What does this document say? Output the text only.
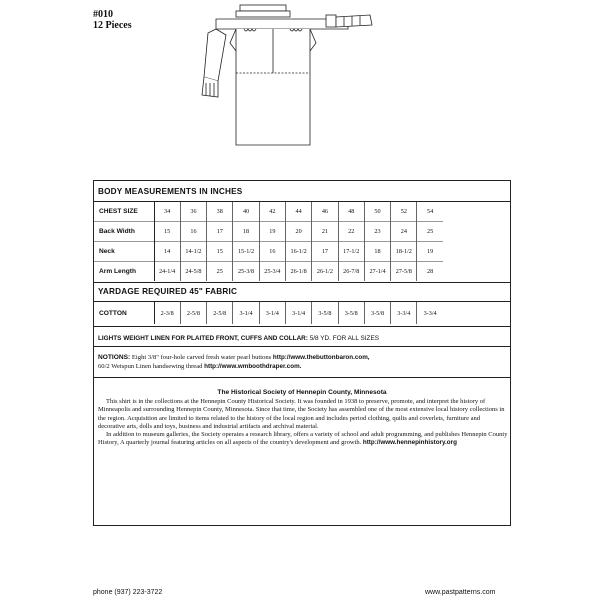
#010
12 Pieces
BODY MEASUREMENTS IN INCHES
CHEST SIZE	34	36	38	40	42	44	46	48	50	52	54
Back Width	15	16	17	18	19	20	21	22	23	24	25
Neck	14	14-1/2	15	15-1/2	16	16-1/2	17	17-1/2	18	18-1/2	19
Arm Length	24-1/4	24-5/8	25	25-3/8	25-3/4	26-1/8	26-1/2	26-7/8	27-1/4	27-5/8	28
YARDAGE REQUIRED 45" FABRIC
COTTON	2-3/8	2-5/8	2-5/8	3-1/4	3-1/4	3-1/4	3-5/8	3-5/8	3-5/8	3-3/4	3-3/4
LIGHTS WEIGHT LINEN FOR PLAITED FRONT, CUFFS AND COLLAR: 5/8 YD. FOR ALL SIZES
NOTIONS: Eight 3/8" four-hole carved fresh water pearl buttons http://www.thebuttonbaron.com,
60/2 Wetspun Linen handsewing thread http://www.wmboothdraper.com.
The Historical Society of Hennepin County, Minnesota

This shirt is in the collections at the Hennepin County Historical Society. It was founded in 1938 to preserve, promote, and interpret the history of Minneapolis and surrounding Hennepin County, Minnesota. Since that time, the Society has assembled one of the most extensive local history collections in the region. Acquisition are limited to items related to the history of the local region and includes period clothing, quilts and coverlets, furniture and decorative arts, dolls and toys, business and industrial artifacts and archival material.

In addition to museum galleries, the Society operates a research library, offers a variety of school and adult programming, and publishes Hennepin County History, A quarterly journal featuring articles on all aspects of the country's development and growth. http://www.hennepinhistory.org

phone (937) 223-3722	www.pastpatterns.com
